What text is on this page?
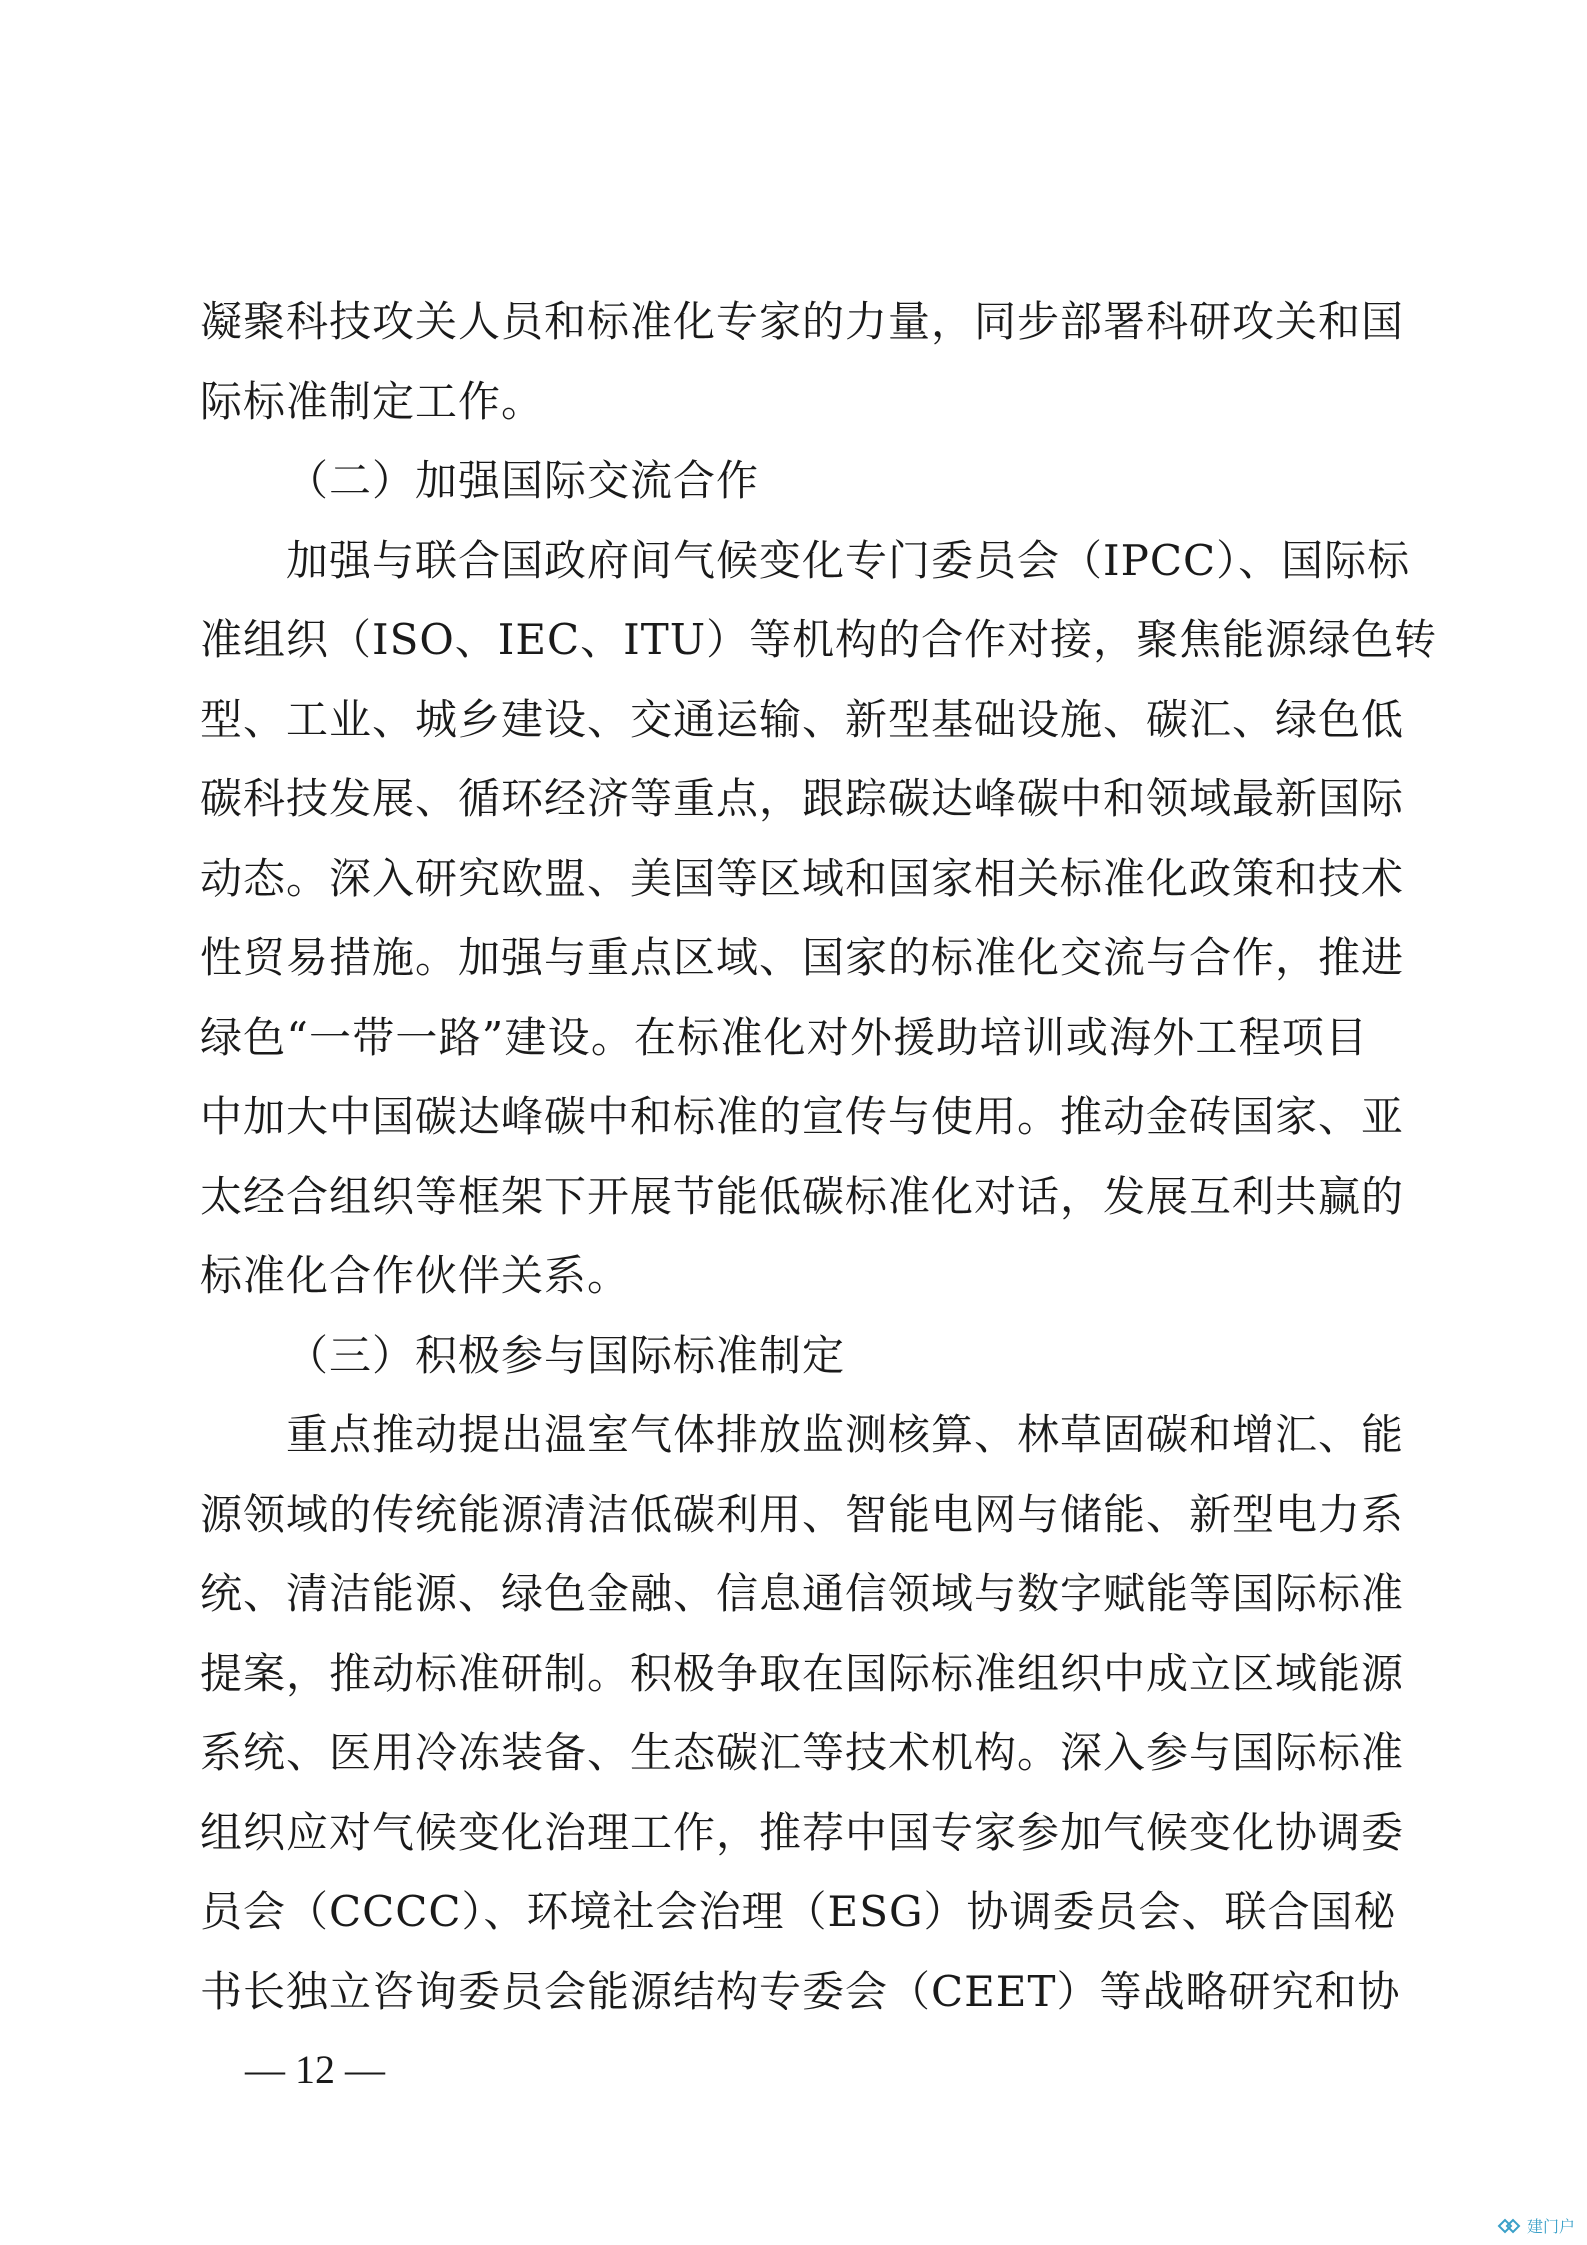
凝聚科技攻关人员和标准化专家的力量，同步部署科研攻关和国
际标准制定工作。
（二）加强国际交流合作
加强与联合国政府间气候变化专门委员会（IPCC）、国际标
准组织（ISO、IEC、ITU）等机构的合作对接，聚焦能源绿色转
型、工业、城乡建设、交通运输、新型基础设施、碳汇、绿色低
碳科技发展、循环经济等重点，跟踪碳达峰碳中和领域最新国际
动态。深入研究欧盟、美国等区域和国家相关标准化政策和技术
性贸易措施。加强与重点区域、国家的标准化交流与合作，推进
绿色“一带一路”建设。在标准化对外援助培训或海外工程项目
中加大中国碳达峰碳中和标准的宣传与使用。推动金砖国家、亚
太经合组织等框架下开展节能低碳标准化对话，发展互利共赢的
标准化合作伙伴关系。
（三）积极参与国际标准制定
重点推动提出温室气体排放监测核算、林草固碳和增汇、能
源领域的传统能源清洁低碳利用、智能电网与储能、新型电力系
统、清洁能源、绿色金融、信息通信领域与数字赋能等国际标准
提案，推动标准研制。积极争取在国际标准组织中成立区域能源
系统、医用冷冻装备、生态碳汇等技术机构。深入参与国际标准
组织应对气候变化治理工作，推荐中国专家参加气候变化协调委
员会（CCCC）、环境社会治理（ESG）协调委员会、联合国秘
书长独立咨询委员会能源结构专委会（CEET）等战略研究和协
— 12 —
建门户
